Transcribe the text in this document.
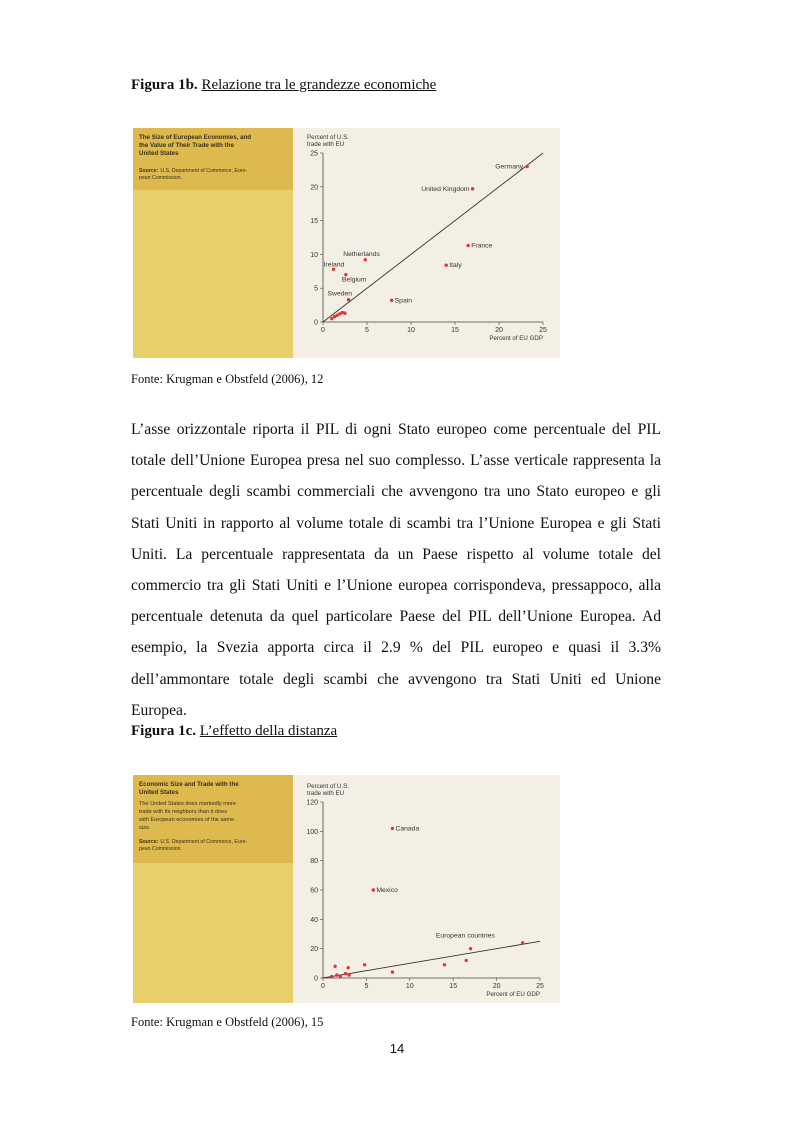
Figura 1b. Relazione tra le grandezze economiche
The Size of European Economies, and
the Value of Their Trade with the
United States
Source: U.S. Department of Commerce, Euro-
pean Commission.
Percent of U.S.
trade with EU
0
5
10
15
20
25
0	5	10	15	20	25
Percent of EU GDP
Germany
United Kingdom
France
Italy
Netherlands
Ireland
Belgium
Sweden
Spain
Fonte: Krugman e Obstfeld (2006), 12
L’asse orizzontale riporta il PIL di ogni Stato europeo come percentuale del PIL totale dell’Unione Europea presa nel suo complesso. L’asse verticale rappresenta la percentuale degli scambi commerciali che avvengono tra uno Stato europeo e gli Stati Uniti in rapporto al volume totale di scambi tra l’Unione Europea e gli Stati Uniti. La percentuale rappresentata da un Paese rispetto al volume totale del commercio tra gli Stati Uniti e l’Unione europea corrispondeva, pressappoco, alla percentuale detenuta da quel particolare Paese del PIL dell’Unione Europea. Ad esempio, la Svezia apporta circa il 2.9 % del PIL europeo e quasi il 3.3% dell’ammontare totale degli scambi che avvengono tra Stati Uniti ed Unione Europea.
Figura 1c. L’effetto della distanza
Economic Size and Trade with the
United States
The United States does markedly more
trade with its neighbors than it does
with European economies of the same
size.
Source: U.S. Department of Commerce, Euro-
pean Commission.
Percent of U.S.
trade with EU
0
20
40
60
80
100
120
0	5	10	15	20	25
Percent of EU GDP
European countries
Canada
Mexico
Fonte: Krugman e Obstfeld (2006), 15
14
